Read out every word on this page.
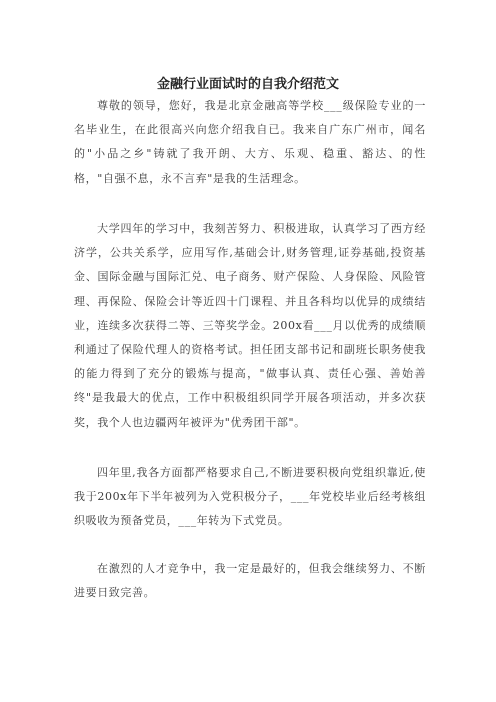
金融行业面试时的自我介绍范文

尊敬的领导，您好，我是北京金融高等学校___级保险专业的一名毕业生，在此很高兴向您介绍我自已。我来自广东广州市，闻名的"小品之乡"铸就了我开朗、大方、乐观、稳重、豁达、的性格，"自强不息，永不言弃"是我的生活理念。

大学四年的学习中，我刻苦努力、积极进取，认真学习了西方经济学，公共关系学，应用写作,基础会计,财务管理,证券基础,投资基金、国际金融与国际汇兑、电子商务、财产保险、人身保险、风险管理、再保险、保险会计等近四十门课程、并且各科均以优异的成绩结业，连续多次获得二等、三等奖学金。200x看___月以优秀的成绩顺利通过了保险代理人的资格考试。担任团支部书记和副班长职务使我的能力得到了充分的锻炼与提高，"做事认真、责任心强、善始善终"是我最大的优点，工作中积极组织同学开展各项活动，并多次获奖，我个人也边疆两年被评为"优秀团干部"。

四年里,我各方面都严格要求自己,不断进要积极向党组织靠近,使我于200x年下半年被列为入党积极分子，___年党校毕业后经考核组织吸收为预备党员，___年转为下式党员。

在激烈的人才竞争中，我一定是最好的，但我会继续努力、不断进要日致完善。
